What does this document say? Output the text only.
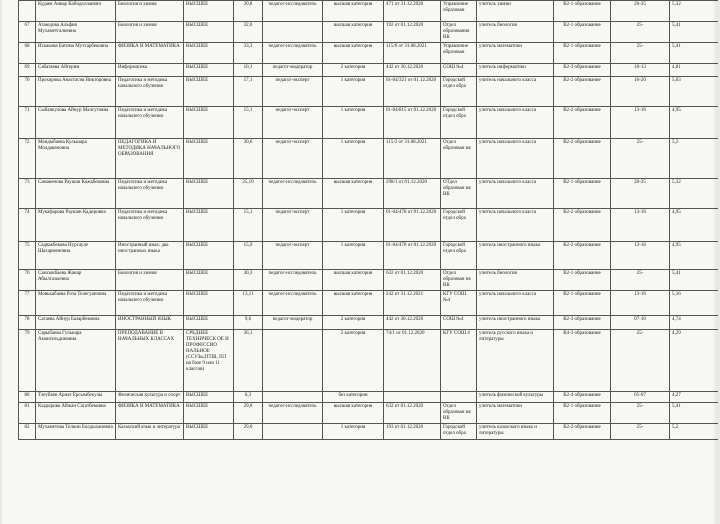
	Кудаев Анвар Кабидоллаевич	Биология и химия	ВЫСШЕЕ	20,8	педагог-исследователь	высшая категория	471 от 31.12.2020	Управление образован	учитель химии	В2-1 образование	20-25	5,32
67	Ахмедова Альфия Мухаметгалиевна	Биология и химия	ВЫСШЕЕ	32,0		высшая категория	192 от 01.12.2020	Отдел образования ВК	учитель биологии	В2-1 образование	25-	5,41
68	Искакова Батима Мухтарбековна	ФИЗИКА И МАТЕМАТИКА	ВЫСШЕЕ	33,3	педагог-исследователь	высшая категория	115/6 от 31.08.2021	Управление образован	учитель математики	В2-1 образование	25-	5,41
69	Сабатаева Айгерим	Информатика	ВЫСШЕЕ	10,1	педагог-модератор	2 категория	442 от 30.12.2020	СОШ №4	учитель информатики	В2-3 образование	10-13	4,81
70	Прохорова Анастасия Викторовна	Педагогика и методика начального обучения	ВЫСШЕЕ	17,1	педагог-эксперт	1 категория	01-04/321 от 01.12.2020	Городской отдел обра	учитель начального класса	В2-2 образование	16-20	5,03
71	Сыбанкулова Айнур Малгутовна	Педагогика и методика начального обучения	ВЫСШЕЕ	15,1	педагог-эксперт	1 категория	01-04/815 от 01.12.2020	Городской отдел обра	учитель начального класса	В2-2 образование	13-16	4,95
72	Мендыбаева Кульшара Молдакеновна	ПЕДАГОГИКА И МЕТОДИКА НАЧАЛЬНОГО ОБРАЗОВАНИЯ	ВЫСШЕЕ	30,6	педагог-эксперт	1 категория	115/2 от 31.08.2021	Отдел образован ия	учитель начального класса	В2-2 образование	25-	5,2
73	Самакенова Раушан Кожабековна	Педагогика и методика начального обучения	ВЫСШЕЕ	25,10	педагог-исследователь	высшая категория	298/1 от 01.12.2020	ОТдел образован ия ВК	учитель начального класса	В2-1 образование	20-25	5,32
74	Мукафарова Раушан Кадировна	Педагогика и методика начального обучения	ВЫСШЕЕ	15,1	педагог-эксперт	1 категория	01-04/478 от 01.12.2020	Городской отдел обра	учитель начального класса	В2-2 образование	13-16	4,95
75	Садвакбекова Нурсауле Шахарменовна	Иностранный язык: два иностранных языка	ВЫСШЕЕ	15,9	педагог-эксперт	1 категория	01-04/478 от 01.12.2020	Городской отдел обра	учитель иностранного языка	В2-2 образование	13-16	4,95
76	Самсыкбаева Жанар Абылгазыевна	Биология и химия	ВЫСШЕЕ	30,3	педагог-исследователь	высшая категория	632 от 01.12.2020	Отдел образован ия ВК	учитель биологии	В2-1 образование	25-	5,41
77	Мовькабаева Роза Толегуановна	Педагогика и методика начального обучения	ВЫСШЕЕ	13,11	педагог-исследователь	высшая категория	242 от 31.12.2021	КГУ СОШ №4	учитель начального класса	В2-1 образование	13-16	5,16
78	Сагаева Айнур Базарбековна	ИНОСТРАННЫЙ ЯЗЫК	ВЫСШЕЕ	9,6	педагог-модератор	2 категория	442 от 30.12.2020	СОШ №4	учитель иностранного языка	В2-3 образование	07-10	4,74
79	Сарыбаева Гульнара Амангельдиновна	ПРЕПОДАВАНИЕ В НАЧАЛЬНЫХ КЛАССАХ	СРЕДНЕЕ ТЕХНИЧЕСК ОЕ И ПРОФЕССИО НАЛЬНОЕ (ССУЗы,ПТШ, ПЛ на базе 9 или 11 классов)	36,1		2 категория	74/1 от 01.12.2020	КГУ СОШ 4	учитель русского языка и литературы	В4-3 образование	25-	4,29
80	Тлеубаев Арнат Ерсымбекулы	Физическая культура и спорт	ВЫСШЕЕ	6,3		без категории			учитель физической культуры	В2-4 образование	05-07	4,27
81	Кыдырова Айжан Сагатбековна	ФИЗИКА И МАТЕМАТИКА	ВЫСШЕЕ	29,0	педагог-исследователь	высшая категория	632 от 01.12.2020	Отдел образован ия ВК	учитель математики	В2-1 образование	25-	5,41
82	Мухаметова Толкин Болдыхановна	Казахский язык и литература	ВЫСШЕЕ	29,0		1 категория	193 от 01.12.2020	Городской отдел обра	учитель казахского языка и литературы	В2-2 образование	25-	5,2
